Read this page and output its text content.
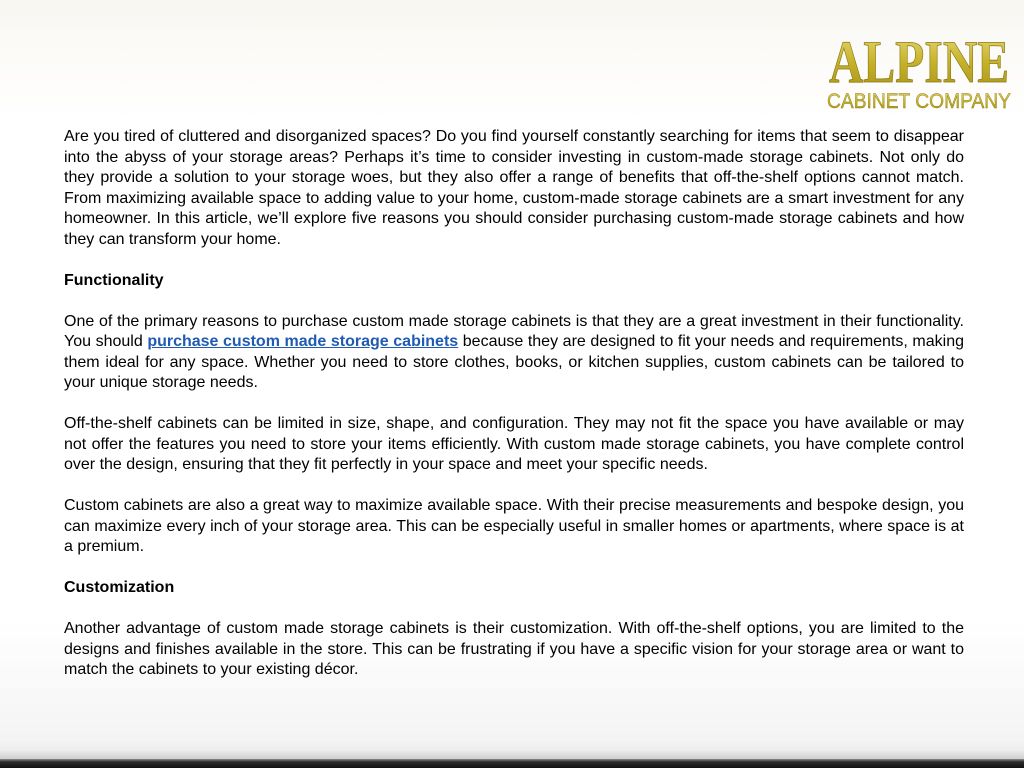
ALPINE
CABINET COMPANY

Are you tired of cluttered and disorganized spaces? Do you find yourself constantly searching for items that seem to disappear into the abyss of your storage areas? Perhaps it’s time to consider investing in custom-made storage cabinets. Not only do they provide a solution to your storage woes, but they also offer a range of benefits that off-the-shelf options cannot match. From maximizing available space to adding value to your home, custom-made storage cabinets are a smart investment for any homeowner. In this article, we’ll explore five reasons you should consider purchasing custom-made storage cabinets and how they can transform your home.

Functionality

One of the primary reasons to purchase custom made storage cabinets is that they are a great investment in their functionality. You should purchase custom made storage cabinets because they are designed to fit your needs and requirements, making them ideal for any space. Whether you need to store clothes, books, or kitchen supplies, custom cabinets can be tailored to your unique storage needs.

Off-the-shelf cabinets can be limited in size, shape, and configuration. They may not fit the space you have available or may not offer the features you need to store your items efficiently. With custom made storage cabinets, you have complete control over the design, ensuring that they fit perfectly in your space and meet your specific needs.

Custom cabinets are also a great way to maximize available space. With their precise measurements and bespoke design, you can maximize every inch of your storage area. This can be especially useful in smaller homes or apartments, where space is at a premium.

Customization

Another advantage of custom made storage cabinets is their customization. With off-the-shelf options, you are limited to the designs and finishes available in the store. This can be frustrating if you have a specific vision for your storage area or want to match the cabinets to your existing décor.
